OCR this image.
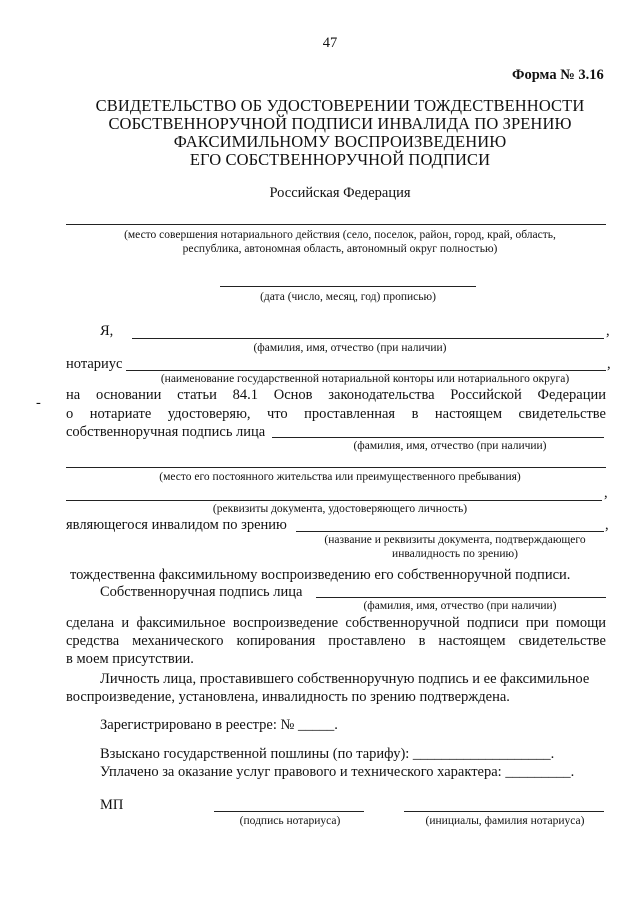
47
Форма № 3.16
СВИДЕТЕЛЬСТВО ОБ УДОСТОВЕРЕНИИ ТОЖДЕСТВЕННОСТИ
СОБСТВЕННОРУЧНОЙ ПОДПИСИ ИНВАЛИДА ПО ЗРЕНИЮ
ФАКСИМИЛЬНОМУ ВОСПРОИЗВЕДЕНИЮ
ЕГО СОБСТВЕННОРУЧНОЙ ПОДПИСИ
Российская Федерация
(место совершения нотариального действия (село, поселок, район, город, край, область,
республика, автономная область, автономный округ полностью)
(дата (число, месяц, год) прописью)
Я,	,
(фамилия, имя, отчество (при наличии)
нотариус	,
(наименование государственной нотариальной конторы или нотариального округа)
на основании статьи 84.1 Основ законодательства Российской Федерации
о нотариате удостоверяю, что проставленная в настоящем свидетельстве
собственноручная подпись лица
(фамилия, имя, отчество (при наличии)
(место его постоянного жительства или преимущественного пребывания)
,
(реквизиты документа, удостоверяющего личность)
являющегося инвалидом по зрению	,
(название и реквизиты документа, подтверждающего
инвалидность по зрению)
тождественна факсимильному воспроизведению его собственноручной подписи.
Собственноручная подпись лица
(фамилия, имя, отчество (при наличии)
сделана и факсимильное воспроизведение собственноручной подписи при помощи
средства механического копирования проставлено в настоящем свидетельстве
в моем присутствии.
Личность лица, проставившего собственноручную подпись и ее факсимильное
воспроизведение, установлена, инвалидность по зрению подтверждена.
Зарегистрировано в реестре: № _____.
Взыскано государственной пошлины (по тарифу): ___________________.
Уплачено за оказание услуг правового и технического характера: _________.
МП
(подпись нотариуса)	(инициалы, фамилия нотариуса)
-
